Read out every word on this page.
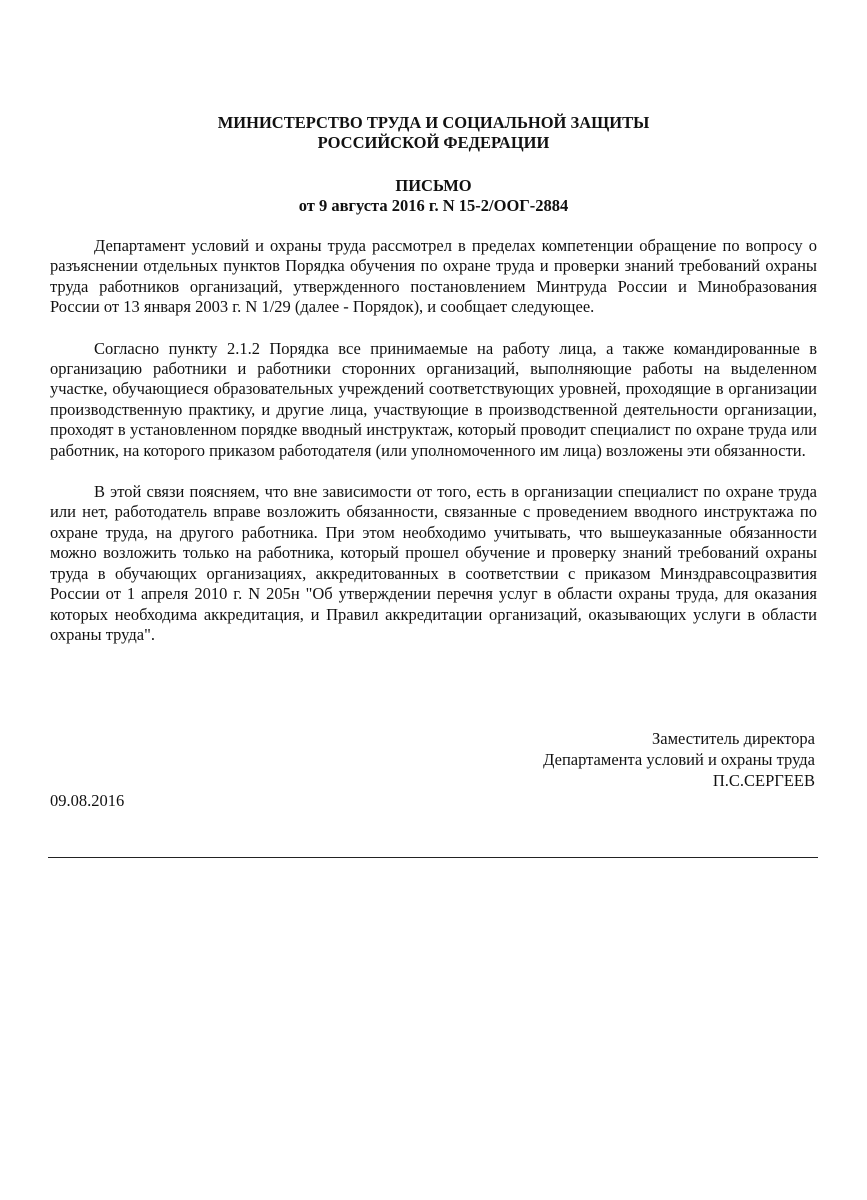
МИНИСТЕРСТВО ТРУДА И СОЦИАЛЬНОЙ ЗАЩИТЫ
РОССИЙСКОЙ ФЕДЕРАЦИИ
ПИСЬМО
от 9 августа 2016 г. N 15-2/ООГ-2884

Департамент условий и охраны труда рассмотрел в пределах компетенции обращение по вопросу о разъяснении отдельных пунктов Порядка обучения по охране труда и проверки знаний требований охраны труда работников организаций, утвержденного постановлением Минтруда России и Минобразования России от 13 января 2003 г. N 1/29 (далее - Порядок), и сообщает следующее.

Согласно пункту 2.1.2 Порядка все принимаемые на работу лица, а также командированные в организацию работники и работники сторонних организаций, выполняющие работы на выделенном участке, обучающиеся образовательных учреждений соответствующих уровней, проходящие в организации производственную практику, и другие лица, участвующие в производственной деятельности организации, проходят в установленном порядке вводный инструктаж, который проводит специалист по охране труда или работник, на которого приказом работодателя (или уполномоченного им лица) возложены эти обязанности.

В этой связи поясняем, что вне зависимости от того, есть в организации специалист по охране труда или нет, работодатель вправе возложить обязанности, связанные с проведением вводного инструктажа по охране труда, на другого работника. При этом необходимо учитывать, что вышеуказанные обязанности можно возложить только на работника, который прошел обучение и проверку знаний требований охраны труда в обучающих организациях, аккредитованных в соответствии с приказом Минздравсоцразвития России от 1 апреля 2010 г. N 205н "Об утверждении перечня услуг в области охраны труда, для оказания которых необходима аккредитация, и Правил аккредитации организаций, оказывающих услуги в области охраны труда".

Заместитель директора
Департамента условий и охраны труда
П.С.СЕРГЕЕВ
09.08.2016
